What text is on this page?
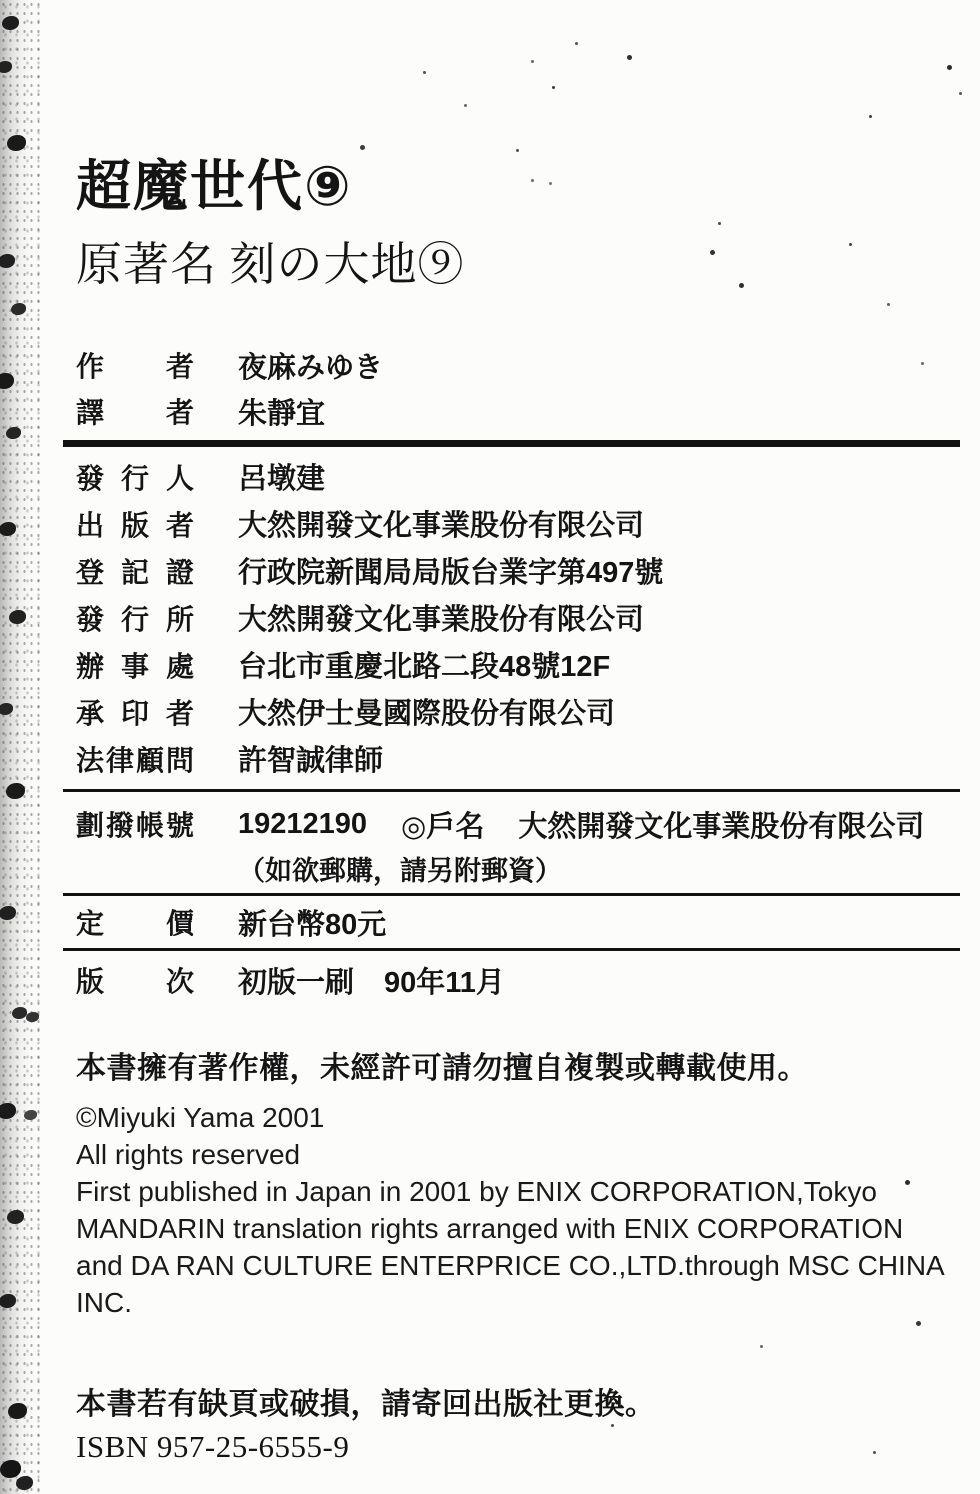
超魔世代⑨
原著名 刻の大地⑨
作者 夜麻みゆき
譯者 朱靜宜
發行人 呂墩建
出版者 大然開發文化事業股份有限公司
登記證 行政院新聞局局版台業字第497號
發行所 大然開發文化事業股份有限公司
辦事處 台北市重慶北路二段48號12F
承印者 大然伊士曼國際股份有限公司
法律顧問 許智誠律師
劃撥帳號 19212190 ◎戶名 大然開發文化事業股份有限公司
（如欲郵購，請另附郵資）
定價 新台幣80元
版次 初版一刷 90年11月
本書擁有著作權，未經許可請勿擅自複製或轉載使用。
©Miyuki Yama 2001
All rights reserved
First published in Japan in 2001 by ENIX CORPORATION,Tokyo
MANDARIN translation rights arranged with ENIX CORPORATION
and DA RAN CULTURE ENTERPRICE CO.,LTD.through MSC CHINA INC.
本書若有缺頁或破損，請寄回出版社更換。
ISBN 957-25-6555-9
